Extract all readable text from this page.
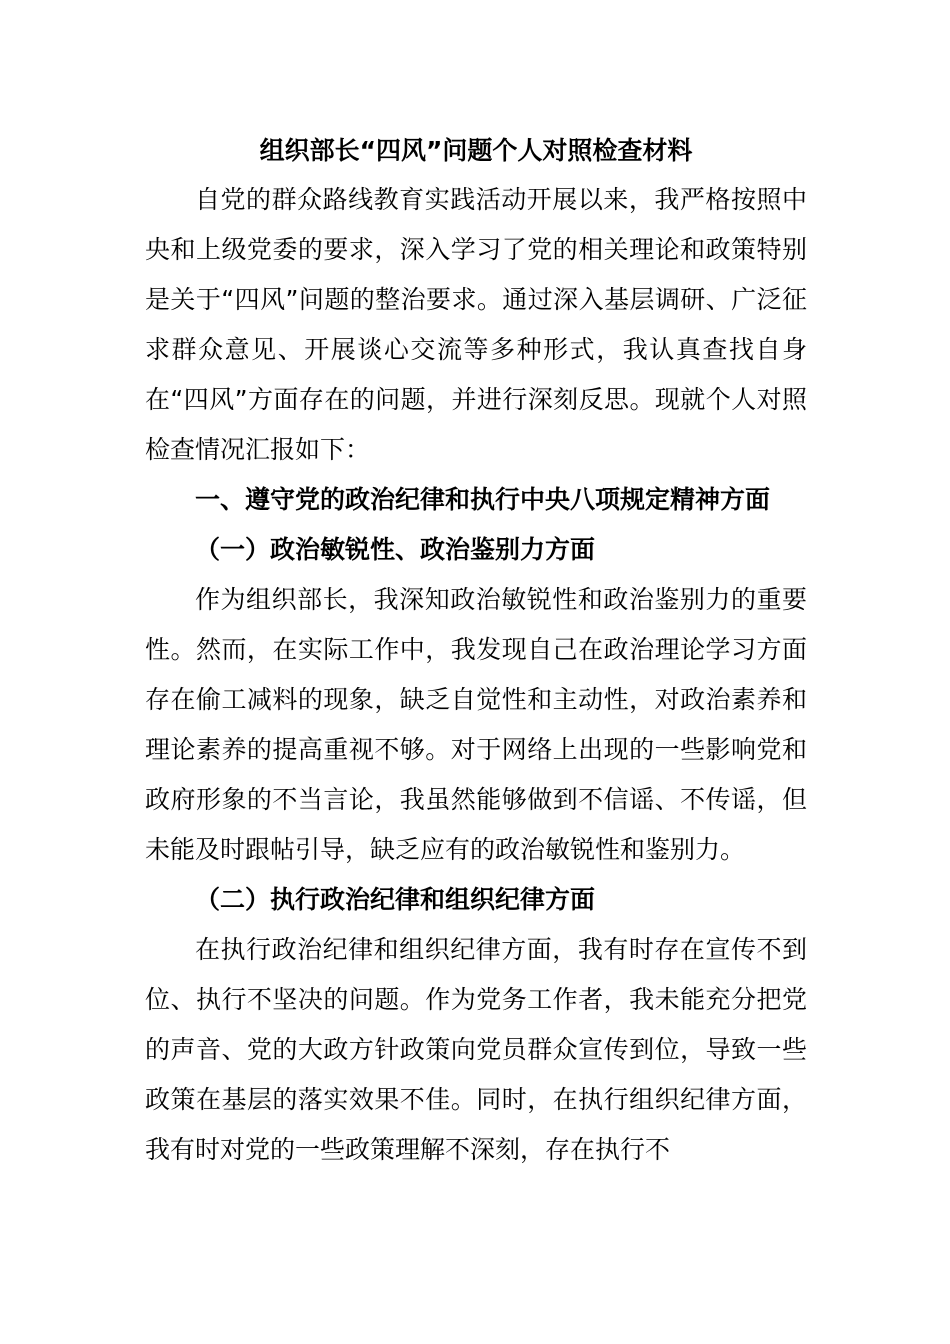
组织部长“四风”问题个人对照检查材料

自党的群众路线教育实践活动开展以来，我严格按照中央和上级党委的要求，深入学习了党的相关理论和政策特别是关于“四风”问题的整治要求。通过深入基层调研、广泛征求群众意见、开展谈心交流等多种形式，我认真查找自身在“四风”方面存在的问题，并进行深刻反思。现就个人对照检查情况汇报如下：

一、遵守党的政治纪律和执行中央八项规定精神方面
（一）政治敏锐性、政治鉴别力方面

作为组织部长，我深知政治敏锐性和政治鉴别力的重要性。然而，在实际工作中，我发现自己在政治理论学习方面存在偷工减料的现象，缺乏自觉性和主动性，对政治素养和理论素养的提高重视不够。对于网络上出现的一些影响党和政府形象的不当言论，我虽然能够做到不信谣、不传谣，但未能及时跟帖引导，缺乏应有的政治敏锐性和鉴别力。

（二）执行政治纪律和组织纪律方面

在执行政治纪律和组织纪律方面，我有时存在宣传不到位、执行不坚决的问题。作为党务工作者，我未能充分把党的声音、党的大政方针政策向党员群众宣传到位，导致一些政策在基层的落实效果不佳。同时，在执行组织纪律方面，我有时对党的一些政策理解不深刻，存在执行不
